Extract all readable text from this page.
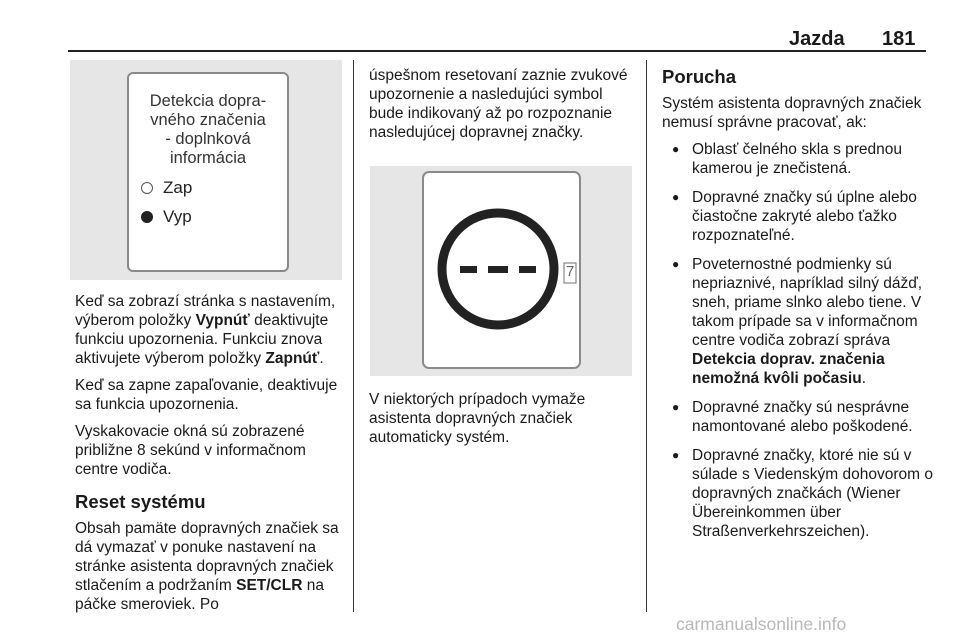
Jazda 181
Detekcia dopra-
vného značenia
- doplnková
informácia
Zap
Vyp

Keď sa zobrazí stránka s nastavením, výberom položky Vypnúť deaktivujte funkciu upozornenia. Funkciu znova aktivujete výberom položky Zapnúť.

Keď sa zapne zapaľovanie, deaktivuje sa funkcia upozornenia.

Vyskakovacie okná sú zobrazené približne 8 sekúnd v informačnom centre vodiča.

Reset systému

Obsah pamäte dopravných značiek sa dá vymazať v ponuke nastavení na stránke asistenta dopravných značiek stlačením a podržaním SET/CLR na páčke smeroviek. Po

úspešnom resetovaní zaznie zvukové upozornenie a nasledujúci symbol bude indikovaný až po rozpoznanie nasledujúcej dopravnej značky.

7

V niektorých prípadoch vymaže asistenta dopravných značiek automaticky systém.

Porucha

Systém asistenta dopravných značiek nemusí správne pracovať, ak:

● Oblasť čelného skla s prednou kamerou je znečistená.
● Dopravné značky sú úplne alebo čiastočne zakryté alebo ťažko rozpoznateľné.
● Poveternostné podmienky sú nepriaznivé, napríklad silný dážď, sneh, priame slnko alebo tiene. V takom prípade sa v informačnom centre vodiča zobrazí správa Detekcia doprav. značenia nemožná kvôli počasiu.
● Dopravné značky sú nesprávne namontované alebo poškodené.
● Dopravné značky, ktoré nie sú v súlade s Viedenským dohovorom o dopravných značkách (Wiener Übereinkommen über Straßenverkehrszeichen).
carmanualsonline.info
